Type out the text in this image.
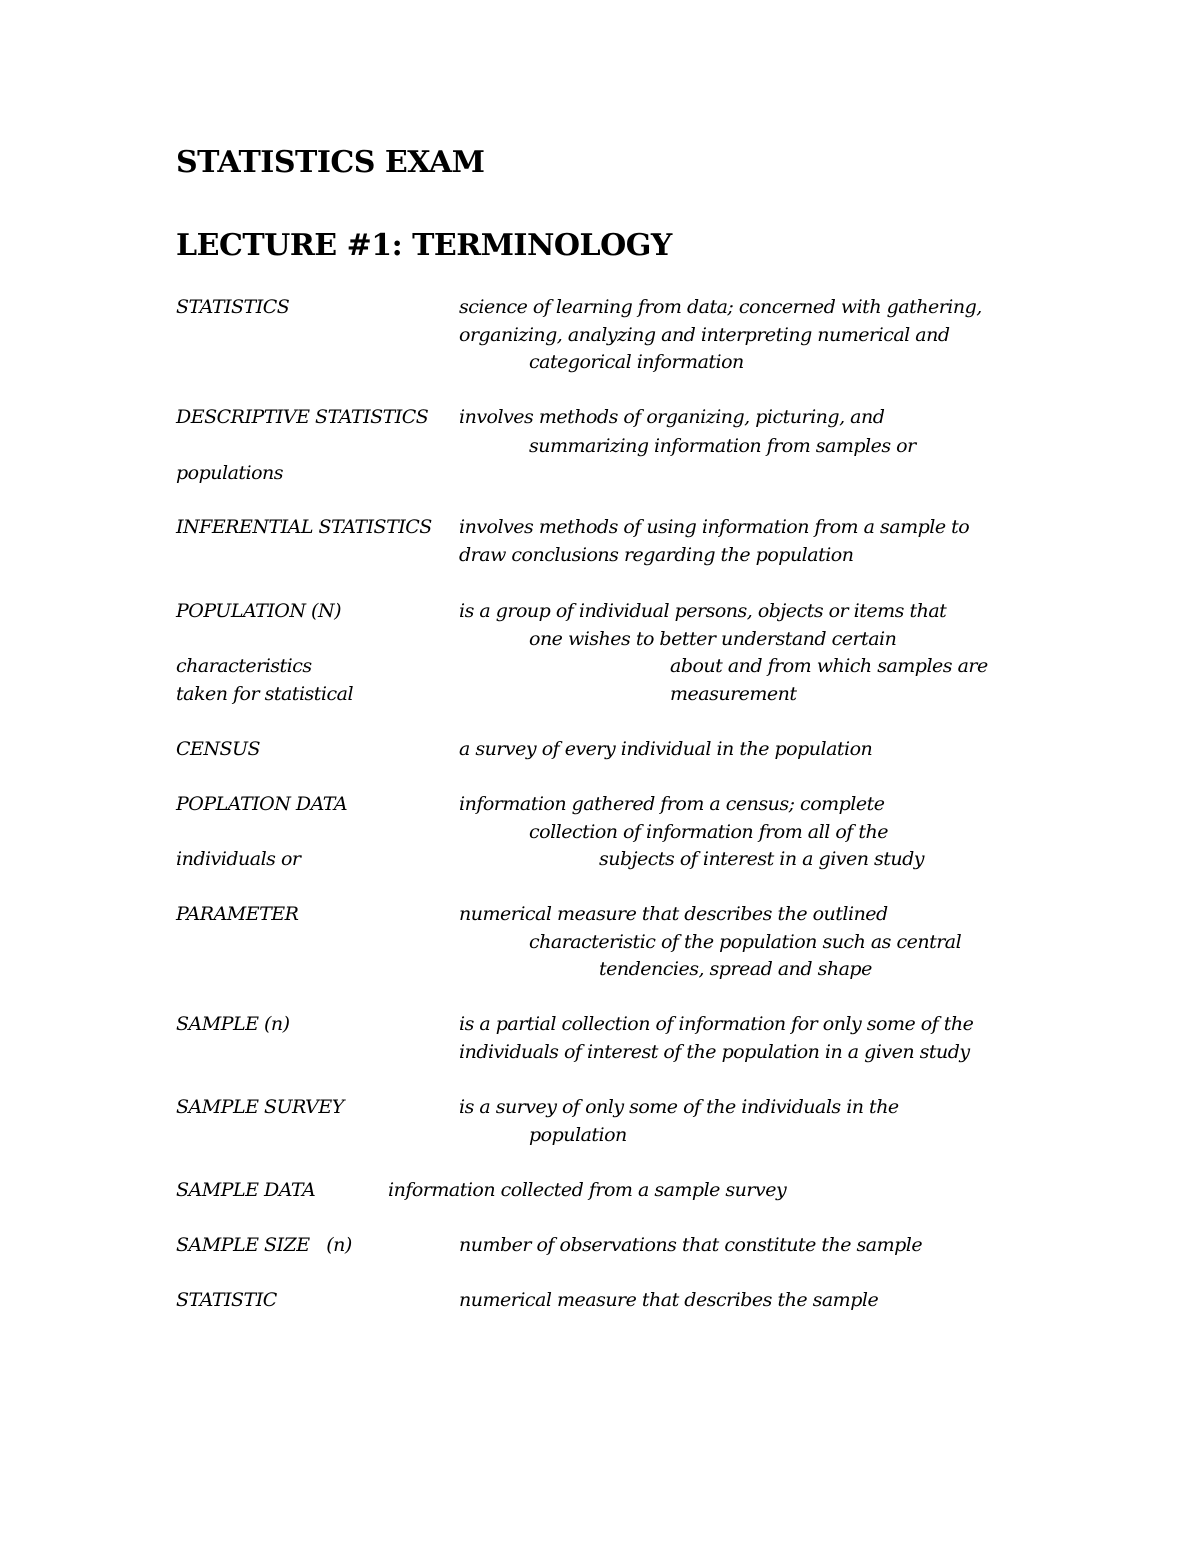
STATISTICS EXAM
LECTURE #1: TERMINOLOGY
STATISTICS	science of learning from data; concerned with gathering,
organizing, analyzing and interpreting numerical and
categorical information
DESCRIPTIVE STATISTICS involves methods of organizing, picturing, and
summarizing information from samples or
populations
INFERENTIAL STATISTICS involves methods of using information from a sample to
draw conclusions regarding the population
POPULATION (N)	is a group of individual persons, objects or items that
one wishes to better understand certain
characteristics	about and from which samples are
taken for statistical	measurement
CENSUS	a survey of every individual in the population
POPLATION DATA	information gathered from a census; complete
collection of information from all of the
individuals or	subjects of interest in a given study
PARAMETER	numerical measure that describes the outlined
characteristic of the population such as central
tendencies, spread and shape
SAMPLE (n)	is a partial collection of information for only some of the
individuals of interest of the population in a given study
SAMPLE SURVEY	is a survey of only some of the individuals in the
population
SAMPLE DATA	information collected from a sample survey
SAMPLE SIZE   (n)	number of observations that constitute the sample
STATISTIC	numerical measure that describes the sample
